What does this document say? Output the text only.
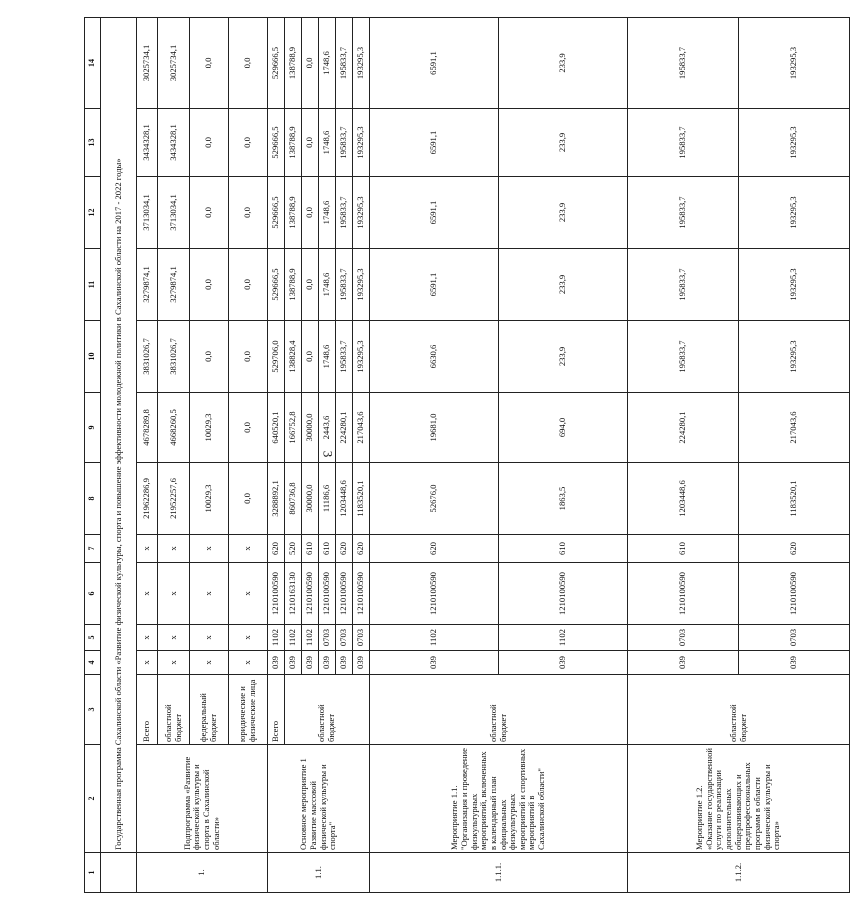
3
1	2	3	4	5	6	7	8	9	10	11	12	13	14
	Государственная программа Сахалинской области «Развитие физической культуры, спорта и повышение эффективности молодежной политики в Сахалинской области на 2017 - 2022 годы»												
1.	Подпрограмма «Развитие физической культуры и спорта в Сахалинской области»	Всего	х	х	х	х	21962286,9	4678289,8	3831026,7	3279874,1	3713034,1	3434328,1	3025734,1
		областной бюджет	х	х	х	х	21952257,6	4668260,5	3831026,7	3279874,1	3713034,1	3434328,1	3025734,1
		федеральный бюджет	х	х	х	х	10029,3	10029,3	0,0	0,0	0,0	0,0	0,0
		юридические и физические лица	х	х	х	х	0,0	0,0	0,0	0,0	0,0	0,0	0,0
1.1.	Основное мероприятие 1 Развитие массовой физической культуры и спорта"	Всего	039	1102	1210100590	620	3288892,1	640520,1	529706,0	529666,5	529666,5	529666,5	529666,5
		областной бюджет	039	1102	1210163130	520	860736,8	166752,8	138828,4	138788,9	138788,9	138788,9	138788,9
			039	1102	1210100590	610	30000,0	30000,0	0,0	0,0	0,0	0,0	0,0
			039	0703	1210100590	610	11186,6	2443,6	1748,6	1748,6	1748,6	1748,6	1748,6
			039	0703	1210100590	620	1203448,6	224280,1	195833,7	195833,7	195833,7	195833,7	195833,7
			039	0703	1210100590	620	1183520,1	217043,6	193295,3	193295,3	193295,3	193295,3	193295,3
1.1.1.	Мероприятие 1.1. "Организация и проведение физкультурных мероприятий, включенных в календарный план официальных физкультурных мероприятий и спортивных мероприятий в Сахалинской области"	областной бюджет	039	1102	1210100590	620	52676,0	19681,0	6630,6	6591,1	6591,1	6591,1	6591,1
			039	1102	1210100590	610	1863,5	694,0	233,9	233,9	233,9	233,9	233,9
1.1.2.	Мероприятие 1.2. «Оказание государственной услуги по реализации дополнительных общеразвивающих и предпрофессиональных программ в области физической культуры и спорта»	областной бюджет	039	0703	1210100590	610	1203448,6	224280,1	195833,7	195833,7	195833,7	195833,7	195833,7
			039	0703	1210100590	620	1183520,1	217043,6	193295,3	193295,3	193295,3	193295,3	193295,3
